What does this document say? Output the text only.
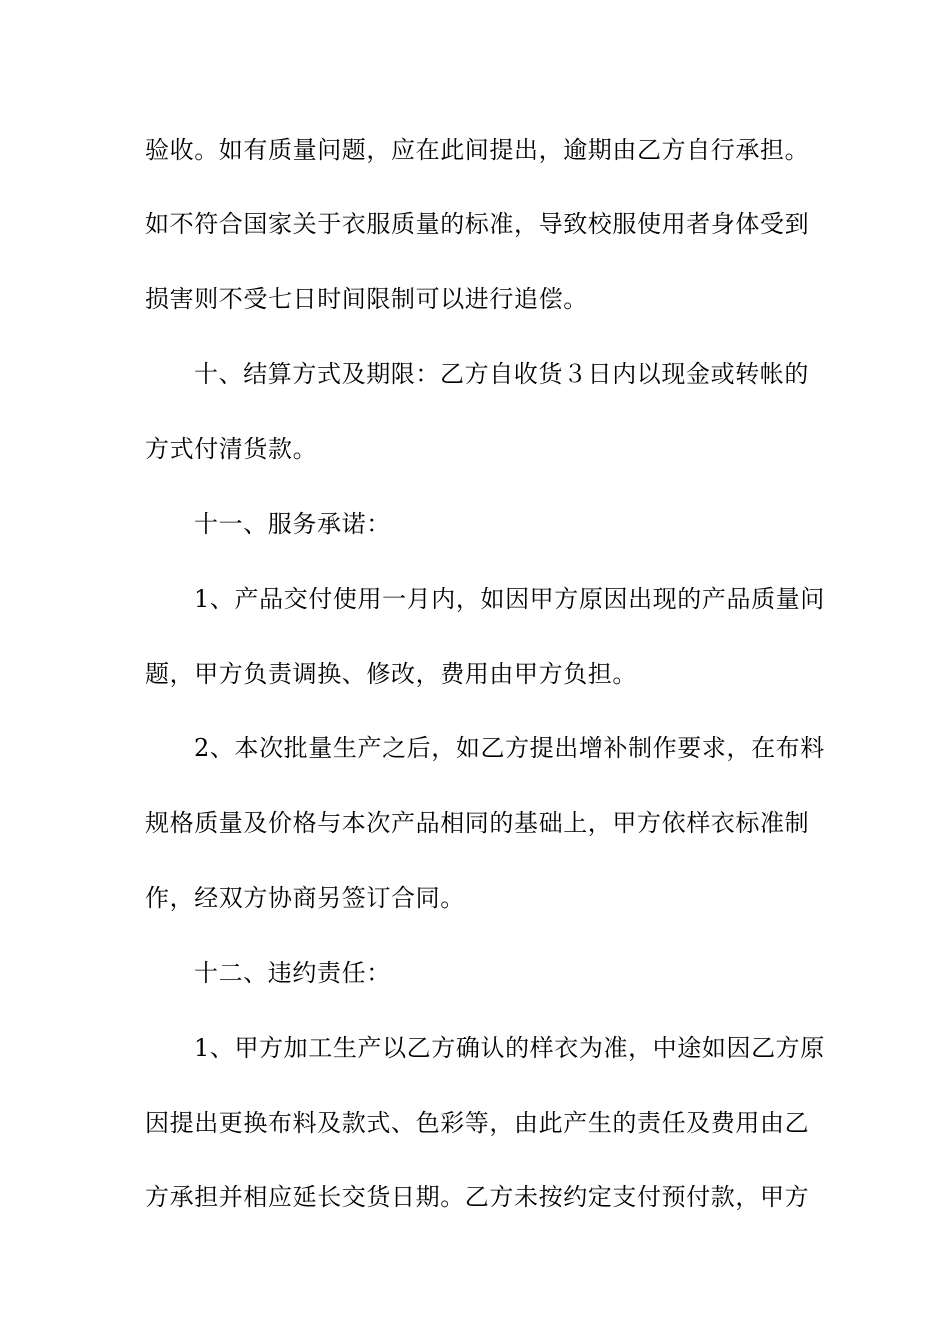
验收。如有质量问题，应在此间提出，逾期由乙方自行承担。
如不符合国家关于衣服质量的标准，导致校服使用者身体受到
损害则不受七日时间限制可以进行追偿。
十、结算方式及期限：乙方自收货３日内以现金或转帐的
方式付清货款。
十一、服务承诺：
1、产品交付使用一月内，如因甲方原因出现的产品质量问
题，甲方负责调换、修改，费用由甲方负担。
2、本次批量生产之后，如乙方提出增补制作要求，在布料
规格质量及价格与本次产品相同的基础上，甲方依样衣标准制
作，经双方协商另签订合同。
十二、违约责任：
1、甲方加工生产以乙方确认的样衣为准，中途如因乙方原
因提出更换布料及款式、色彩等，由此产生的责任及费用由乙
方承担并相应延长交货日期。乙方未按约定支付预付款，甲方
